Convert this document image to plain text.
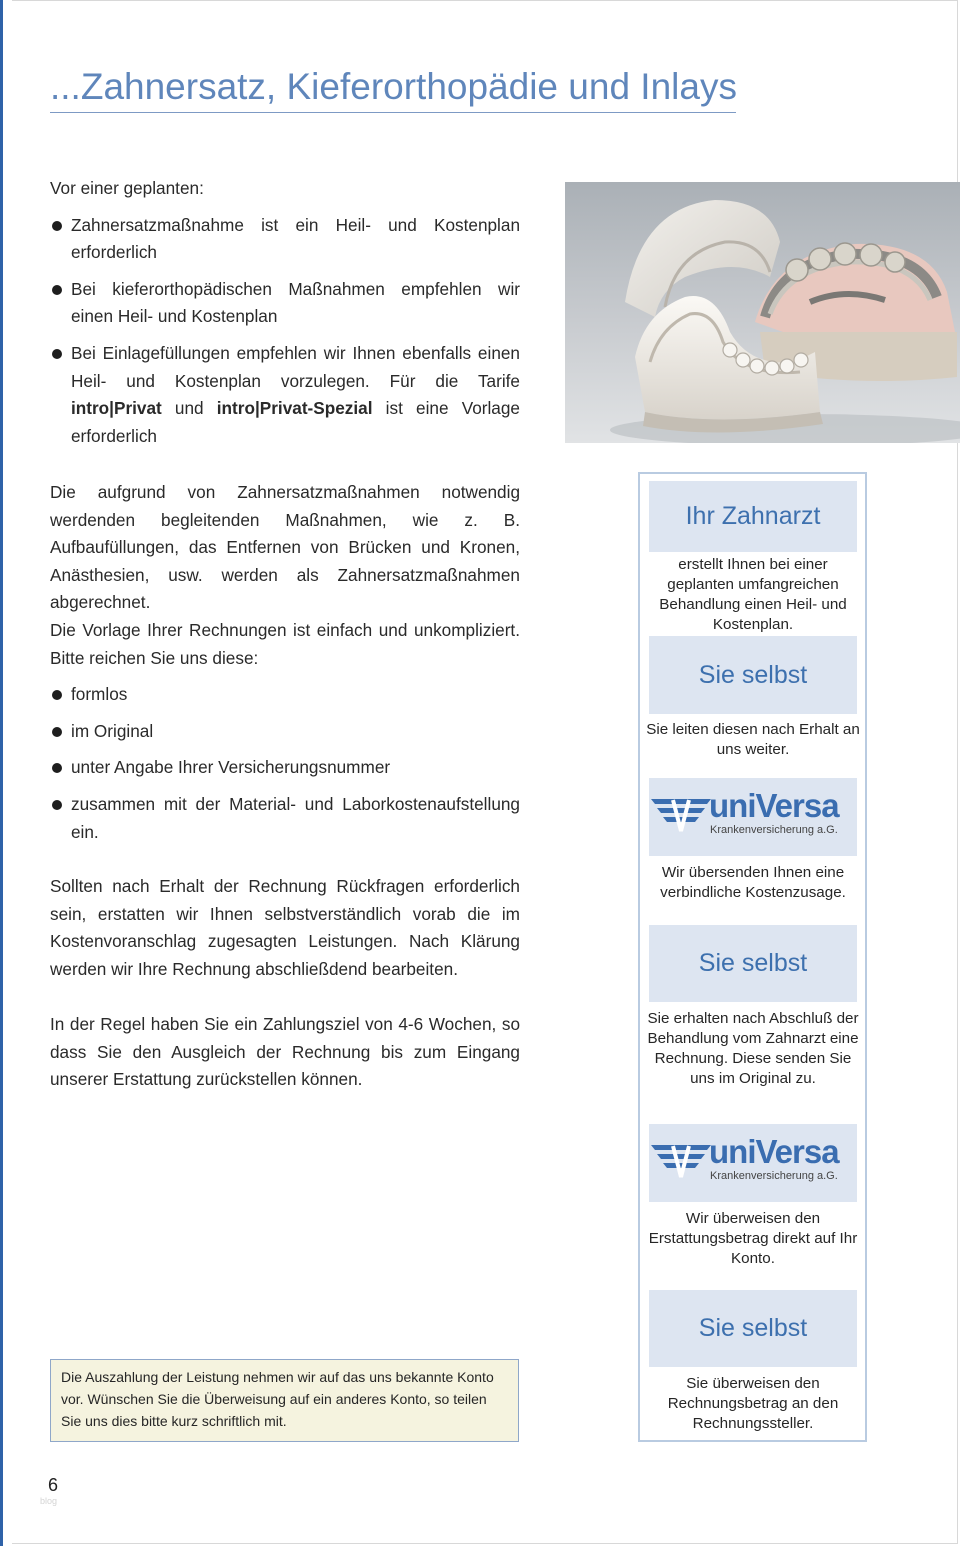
...Zahnersatz, Kieferorthopädie und Inlays

Vor einer geplanten:

Zahnersatzmaßnahme ist ein Heil- und Kostenplan erforderlich
Bei kieferorthopädischen Maßnahmen empfehlen wir einen Heil- und Kostenplan
Bei Einlagefüllungen empfehlen wir Ihnen ebenfalls einen Heil- und Kostenplan vorzulegen. Für die Tarife intro|Privat und intro|Privat-Spezial ist eine Vorlage erforderlich

Die aufgrund von Zahnersatzmaßnahmen notwendig werdenden begleitenden Maßnahmen, wie z. B. Aufbaufüllungen, das Entfernen von Brücken und Kronen, Anästhesien, usw. werden als Zahnersatzmaßnahmen abgerechnet.

Die Vorlage Ihrer Rechnungen ist einfach und unkompliziert. Bitte reichen Sie uns diese:

formlos
im Original
unter Angabe Ihrer Versicherungsnummer
zusammen mit der Material- und Laborkostenaufstellung ein.

Sollten nach Erhalt der Rechnung Rückfragen erforderlich sein, erstatten wir Ihnen selbstverständlich vorab die im Kostenvoranschlag zugesagten Leistungen. Nach Klärung werden wir Ihre Rechnung abschließdend bearbeiten.

In der Regel haben Sie ein Zahlungsziel von 4-6 Wochen, so dass Sie den Ausgleich der Rechnung bis zum Eingang unserer Erstattung zurückstellen können.

Ihr Zahnarzt
erstellt Ihnen bei einer geplanten umfangreichen Behandlung einen Heil- und Kostenplan.
Sie selbst
Sie leiten diesen nach Erhalt an uns weiter.
uniVersa
Krankenversicherung a.G.
Wir übersenden Ihnen eine verbindliche Kostenzusage.
Sie selbst
Sie erhalten nach Abschluß der Behandlung vom Zahnarzt eine Rechnung. Diese senden Sie uns im Original zu.
uniVersa
Krankenversicherung a.G.
Wir überweisen den Erstattungsbetrag direkt auf Ihr Konto.
Sie selbst
Sie überweisen den Rechnungsbetrag an den Rechnungssteller.
Die Auszahlung der Leistung nehmen wir auf das uns bekannte Konto vor. Wünschen Sie die Überweisung auf ein anderes Konto, so teilen Sie uns dies bitte kurz schriftlich mit.
6
blog
